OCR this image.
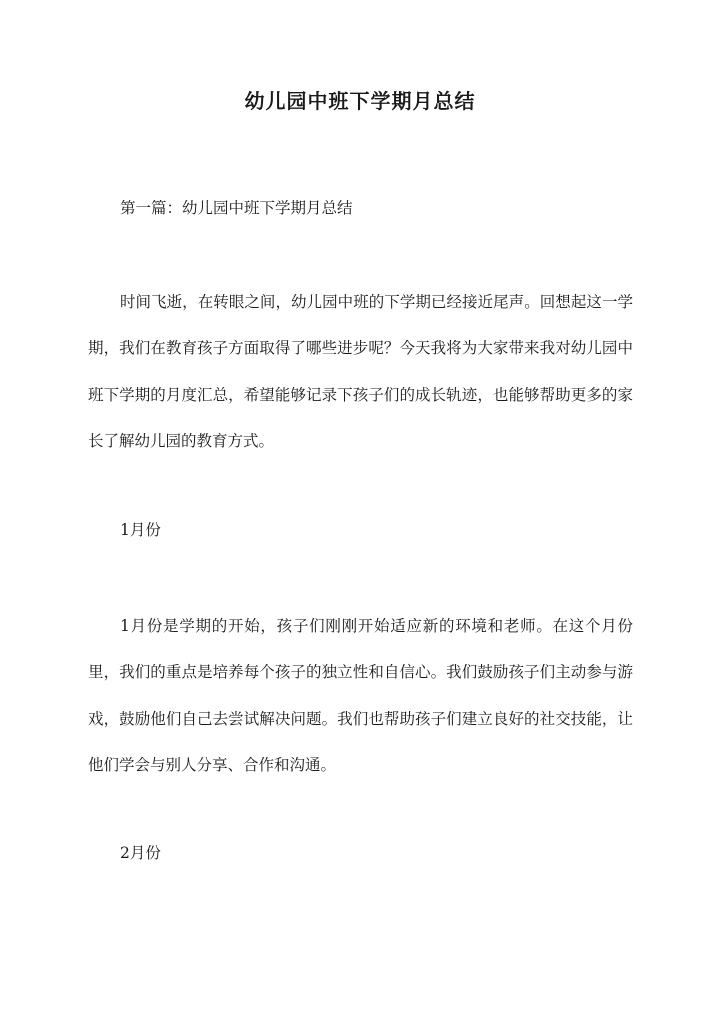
幼儿园中班下学期月总结
第一篇：幼儿园中班下学期月总结

时间飞逝，在转眼之间，幼儿园中班的下学期已经接近尾声。回想起这一学期，我们在教育孩子方面取得了哪些进步呢？今天我将为大家带来我对幼儿园中班下学期的月度汇总，希望能够记录下孩子们的成长轨迹，也能够帮助更多的家长了解幼儿园的教育方式。

1月份

1月份是学期的开始，孩子们刚刚开始适应新的环境和老师。在这个月份里，我们的重点是培养每个孩子的独立性和自信心。我们鼓励孩子们主动参与游戏，鼓励他们自己去尝试解决问题。我们也帮助孩子们建立良好的社交技能，让他们学会与别人分享、合作和沟通。

2月份
